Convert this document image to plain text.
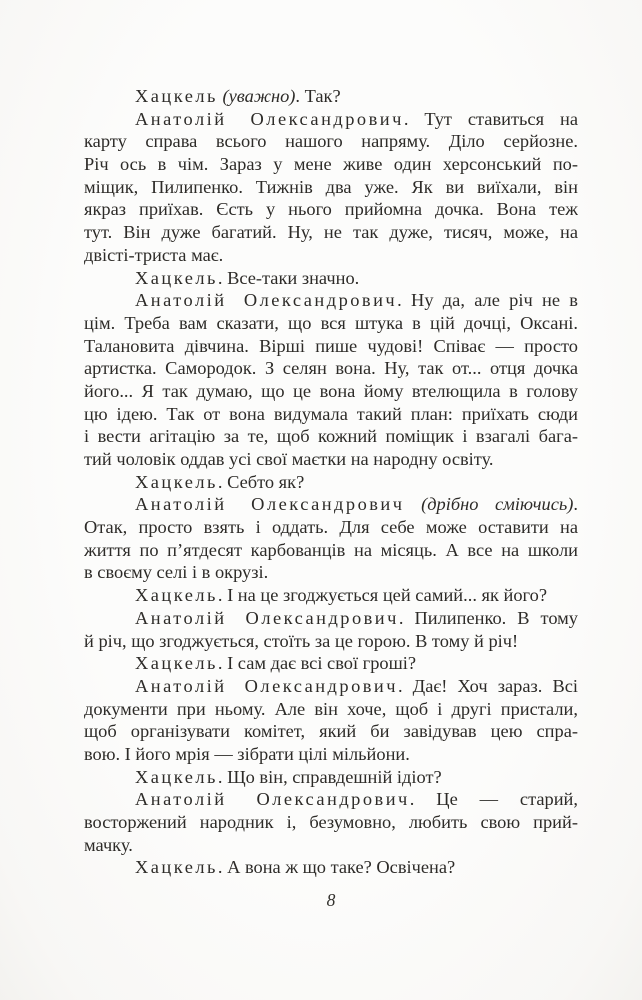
Хацкель (уважно). Так?
Анатолій Олександрович. Тут ставиться на
карту справа всього нашого напряму. Діло серйозне.
Річ ось в чім. Зараз у мене живе один херсонський по-
міщик, Пилипенко. Тижнів два уже. Як ви виїхали, він
якраз приїхав. Єсть у нього прийомна дочка. Вона теж
тут. Він дуже багатий. Ну, не так дуже, тисяч, може, на
двісті-триста має.
Хацкель. Все-таки значно.
Анатолій Олександрович. Ну да, але річ не в
цім. Треба вам сказати, що вся штука в цій дочці, Оксані.
Талановита дівчина. Вірші пише чудові! Співає — просто
артистка. Самородок. З селян вона. Ну, так от... отця дочка
його... Я так думаю, що це вона йому втелющила в голову
цю ідею. Так от вона видумала такий план: приїхать сюди
і вести агітацію за те, щоб кожний поміщик і взагалі бага-
тий чоловік оддав усі свої маєтки на народну освіту.
Хацкель. Себто як?
Анатолій Олександрович (дрібно сміючись).
Отак, просто взять і оддать. Для себе може оставити на
життя по п’ятдесят карбованців на місяць. А все на школи
в своєму селі і в окрузі.
Хацкель. І на це згоджується цей самий... як його?
Анатолій Олександрович. Пилипенко. В тому
й річ, що згоджується, стоїть за це горою. В тому й річ!
Хацкель. І сам дає всі свої гроші?
Анатолій Олександрович. Дає! Хоч зараз. Всі
документи при ньому. Але він хоче, щоб і другі пристали,
щоб організувати комітет, який би завідував цею спра-
вою. І його мрія — зібрати цілі мільйони.
Хацкель. Що він, справдешній ідіот?
Анатолій Олександрович. Це — старий,
восторжений народник і, безумовно, любить свою прий-
мачку.
Хацкель. А вона ж що таке? Освічена?
8
